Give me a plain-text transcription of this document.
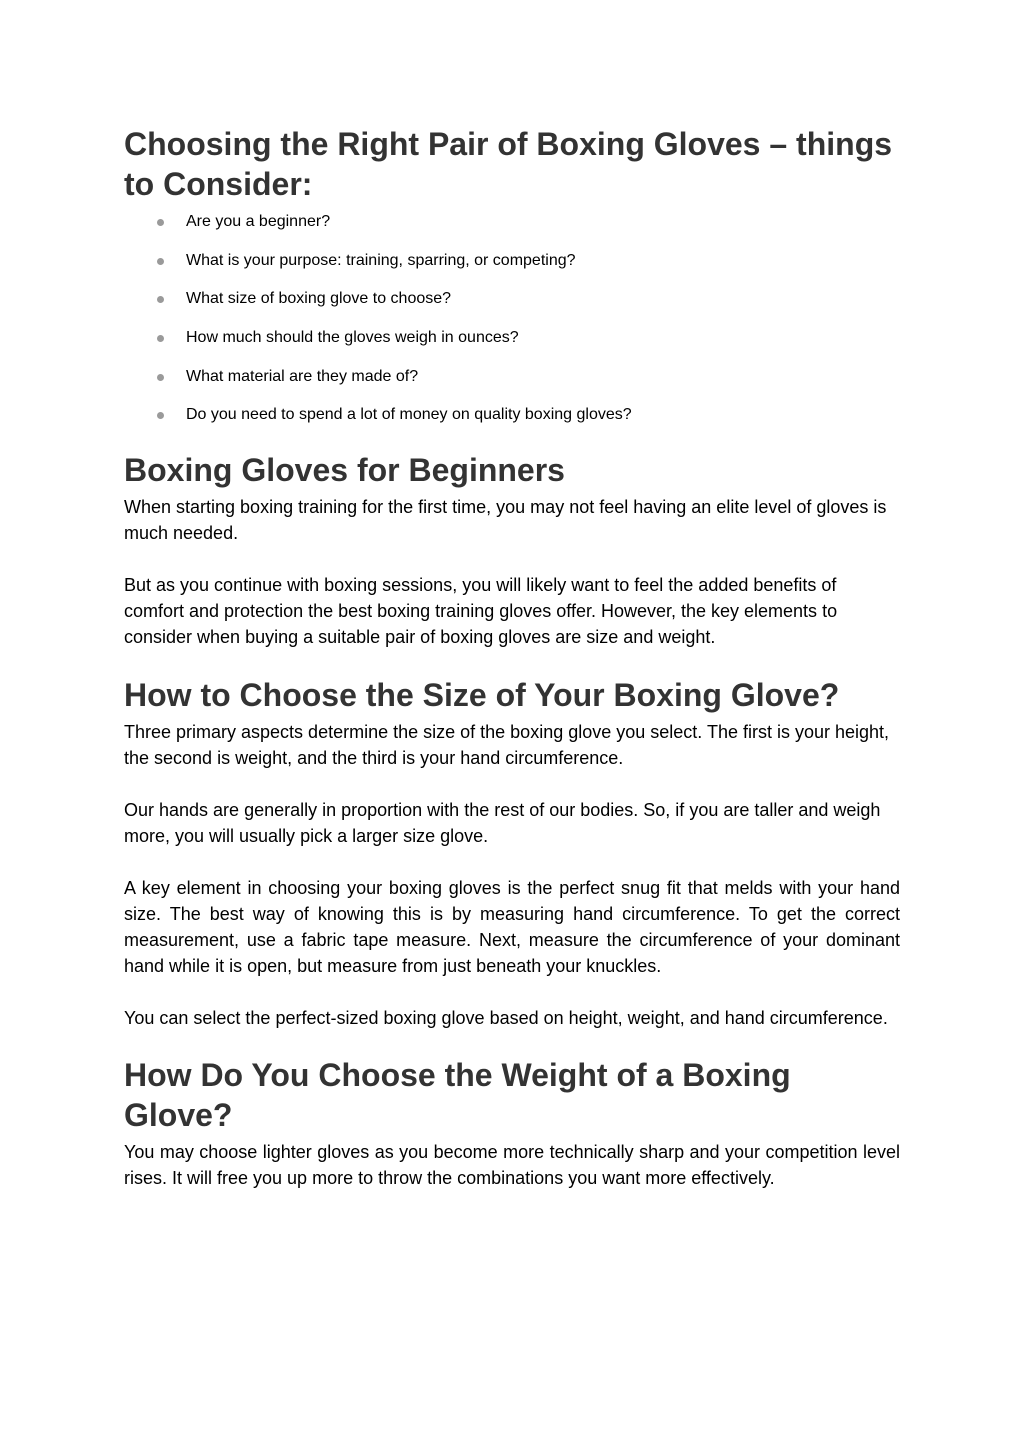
Choosing the Right Pair of Boxing Gloves – things to Consider:
Are you a beginner?
What is your purpose: training, sparring, or competing?
What size of boxing glove to choose?
How much should the gloves weigh in ounces?
What material are they made of?
Do you need to spend a lot of money on quality boxing gloves?
Boxing Gloves for Beginners

When starting boxing training for the first time, you may not feel having an elite level of gloves is much needed.

But as you continue with boxing sessions, you will likely want to feel the added benefits of comfort and protection the best boxing training gloves offer. However, the key elements to consider when buying a suitable pair of boxing gloves are size and weight.

How to Choose the Size of Your Boxing Glove?

Three primary aspects determine the size of the boxing glove you select. The first is your height, the second is weight, and the third is your hand circumference.

Our hands are generally in proportion with the rest of our bodies. So, if you are taller and weigh more, you will usually pick a larger size glove.

A key element in choosing your boxing gloves is the perfect snug fit that melds with your hand size. The best way of knowing this is by measuring hand circumference. To get the correct measurement, use a fabric tape measure. Next, measure the circumference of your dominant hand while it is open, but measure from just beneath your knuckles.

You can select the perfect-sized boxing glove based on height, weight, and hand circumference.

How Do You Choose the Weight of a Boxing Glove?

You may choose lighter gloves as you become more technically sharp and your competition level rises. It will free you up more to throw the combinations you want more effectively.
